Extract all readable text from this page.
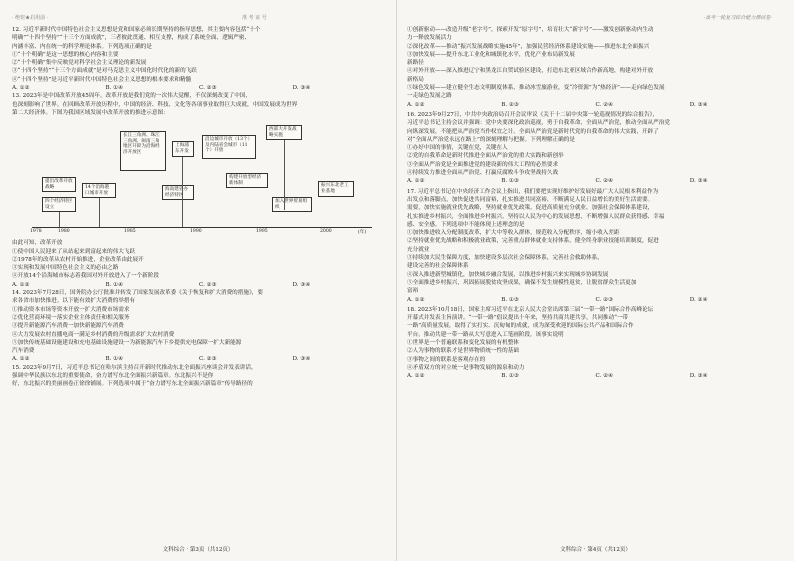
· 绝密★启用前 ·	准 考 证 号

12. 习近平新时代中国特色社会主义思想是党和国家必须长期坚持的指导思想，其主要内容包括“十个

明确”“十四个坚持”“十三个方面成就”，三者彼此贯通、相互支撑，构成了系统全面、逻辑严密、

内涵丰富、内在统一的科学理论体系。下列选项正确的是

①“十个明确”是这一思想的核心内容和主要

②“十个明确”集中反映党对科学社会主义理论的新发展

③“十四个坚持”“十三个方面成就”是对马克思主义中国化时代化的新的飞跃

④“十四个坚持”是习近平新时代中国特色社会主义思想的根本要求和精髓

A. ①②	B. ①④	C. ②③	D. ③④

13. 2023年是中国改革开放45周年。改革开放是我们党的一次伟大觉醒，不仅深刻改变了中国，

也深刻影响了世界。在回顾改革开放历程中，中国的经济、科技、文化等各项事业取得巨大成就，中国发展成为世界

第二大经济体。下图为我国区域发展中改革开放的推进示意图：

提出改革开放战略
四个经济特区设立
14个沿海港口城市开放
长江三角洲、珠江三角洲、闽南三角地区开辟为沿海经济开放区
上海浦东开发
海南建省办经济特区
沿边城市开放（13个）及内陆省会城市（11个）开放
西部大开发战略实施
振兴东北老工业基地
加入世界贸易组织
构建开放型经济新体制
1978	1980	1985	1990	1995	2000	(年)

由此可知，改革开放

①使中国人民迎来了从站起来到富起来的伟大飞跃

②1978年的改革从农村开始推进，企业改革由此展开

③实现和发展中国特色社会主义的必由之路

④开放14个沿海城市标志着我国对外开放进入了一个新阶段

A. ①②	B. ①④	C. ②③	D. ③④

14. 2023年7月28日，国务院办公厅批准并转发了国家发展改革委《关于恢复和扩大消费的措施》，要

求各省市加快推进。以下能有效扩大消费的举措有

①推动资本市场等资本开放一扩大消费市场需求

②优化营商环境一落实企业主体责任和相关服务

③提升新能源汽车消费一加快新能源汽车消费

④大力发展农村直播电商一满足乡村消费的升级需求扩大农村消费

⑤加快传统基础设施建设和充电基础设施建设一为新能源汽车下乡提供充电保障一扩大新能源

汽车消费

A. ①②	B. ①④	C. ②③	D. ③④

15. 2023年9月7日，习近平总书记在哈尔滨主持召开新时代推动东北全面振兴座谈会并发表讲话，

强调中华民族以东北的重要使命，奋力谱写东北全面振兴新篇章。东北振兴不是你

好，东北振兴的美丽画卷正徐徐铺展。下列选项中属于“奋力谱写东北全面振兴新篇章”传导路径的

文科综合 · 第3页（共12页）
·高考一轮复习综合能力测试卷·

①创新驱动——改造升级“老字号”，探索开发“原字号”，培育壮大“新字号”——激发创新驱动内生动

力一释放发展活力

②深化改革——推动“振兴发展战略实施45年”，加强民营经济体系建设实施——推进东北全面振兴

③加快发展——提升东北工业化和城镇化水平，优化产业布局新发展

新路径

④对外开放——深入推进辽宁和黑龙江自贸试验区建设，打造东北亚区域合作新高地，构建对外开放

新格局

⑤绿色发展——建立健全生态文明制度体系，推动冰雪旅游业，变“冷资源”为“热经济”——走向绿色发展

一走绿色发展之路

A. ①②	B. ②③	C. ②④	D. ③④

16. 2023年9月27日，中共中央政治局召开会议审议《关于十二届中央第一轮巡视情况的综合报告》，

习近平总书记主持会议并强调：党中央要深化政治巡视，勇于自我革命，全面从严治党，推动全面从严治党

向纵深发展，不能把从严治党当作权宜之计。全面从严治党是新时代党的自我革命的伟大实践，开辟了

对“全面从严治党永远在路上”的深刻理解与把握。下列理解正确的是

①办好中国的事情，关键在党，关键在人

②党的自我革命是新时代推进全面从严治党的重大实践和新创举

③全面从严治党是全面推进党的建设新的伟大工程的必然要求

④持续发力推进全面从严治党、打赢反腐败斗争攻坚战持久战

A. ①②	B. ①③	C. ②④	D. ③④

17. 习近平总书记在中央经济工作会议上指出，我们要把实现好维护好发展好最广大人民根本利益作为

出发点和落脚点，加快促进共同富裕，扎实推进共同富裕，不断满足人民日益增长的美好生活需要。

需要，加快实施就业优先战略，坚持就业优先政策，促进高质量充分就业，加强社会保障体系建设，

扎实推进乡村振兴，全面推进乡村振兴。坚持以人民为中心的发展思想，不断增强人民群众获得感、幸福

感、安全感。下列选项中不能体现上述理念的是

①加快推进收入分配制度改革，扩大中等收入群体，规范收入分配秩序，缩小收入差距

②坚持就业优先战略和积极就业政策，完善重点群体就业支持体系，健全终身职业技能培训制度，促进

充分就业

③持续加大民生保障力度，加快建设多层次社会保障体系，完善社会救助体系，

建设完善的社会保障体系

④深入推进新型城镇化，加快城乡融合发展，以推进乡村振兴来实现城乡协调发展

⑤全面推进乡村振兴，巩固拓展脱贫攻坚成果，确保不发生规模性返贫，让脱贫群众生活更加

富裕

A. ①②	B. ①③	C. ②③	D. ②④

18. 2023年10月18日，国家主席习近平在北京人民大会堂出席第三届“一带一路”国际合作高峰论坛

开幕式并发表主旨演讲。“一带一路”倡议提出十年来，坚持共商共建共享，共同推动“一带

一路”高质量发展，取得了实打实、沉甸甸的成就，成为深受欢迎的国际公共产品和国际合作

平台。推动共建一带一路从大写意进入工笔画阶段。该事实说明

①世界是一个普遍联系和变化发展的有机整体

②人为事物的联系才是世界物质统一性的基础

③事物之间的联系是客观存在的

④矛盾双方的对立统一是事物发展的源泉和动力

A. ①②	B. ①③	C. ②④	D. ③④
文科综合 · 第4页（共12页）
